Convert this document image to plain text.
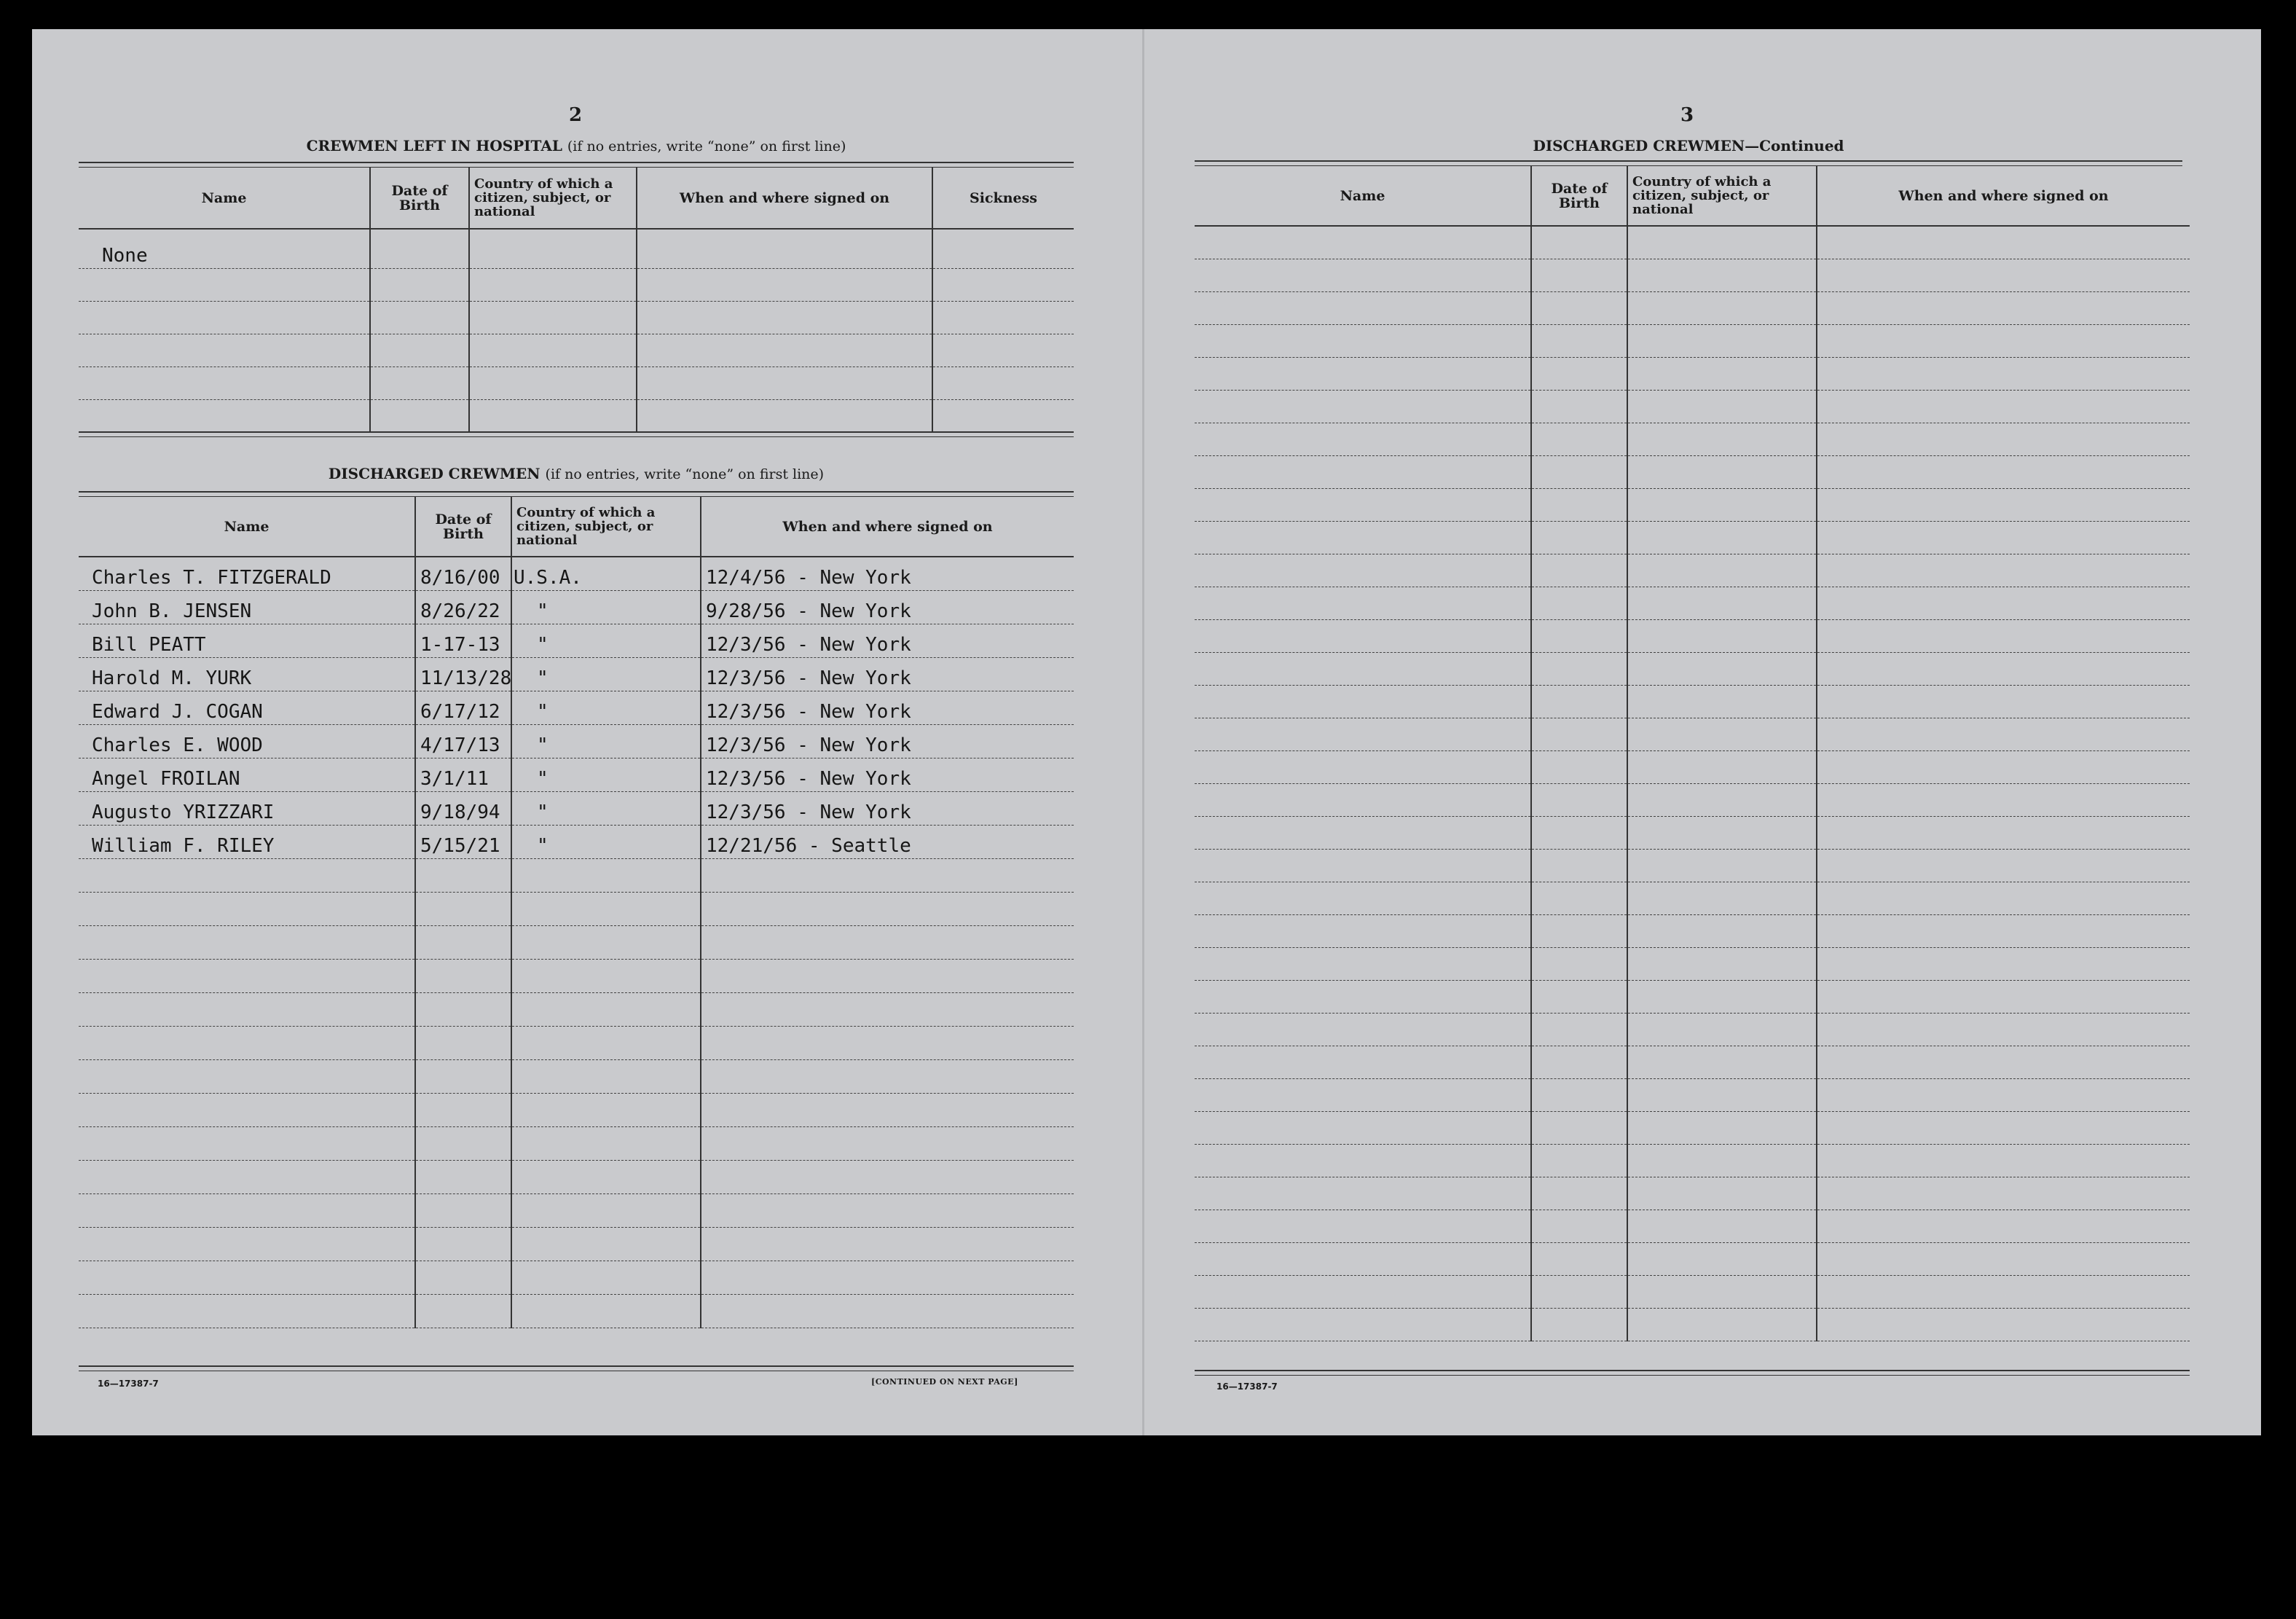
2
CREWMEN LEFT IN HOSPITAL (if no entries, write “none” on first line)
Name	Date of Birth	Country of which a citizen, subject, or national	When and where signed on	Sickness
None				

DISCHARGED CREWMEN (if no entries, write “none” on first line)
Name	Date of Birth	Country of which a citizen, subject, or national	When and where signed on
Charles T. FITZGERALD	8/16/00	U.S.A.	12/4/56 - New York
John B. JENSEN	8/26/22	"	9/28/56 - New York
Bill PEATT	1-17-13	"	12/3/56 - New York
Harold M. YURK	11/13/28	"	12/3/56 - New York
Edward J. COGAN	6/17/12	"	12/3/56 - New York
Charles E. WOOD	4/17/13	"	12/3/56 - New York
Angel FROILAN	3/1/11	"	12/3/56 - New York
Augusto YRIZZARI	9/18/94	"	12/3/56 - New York
William F. RILEY	5/15/21	"	12/21/56 - Seattle

16—17387-7	[CONTINUED ON NEXT PAGE]
3
DISCHARGED CREWMEN—Continued
Name	Date of Birth	Country of which a citizen, subject, or national	When and where signed on

16—17387-7
